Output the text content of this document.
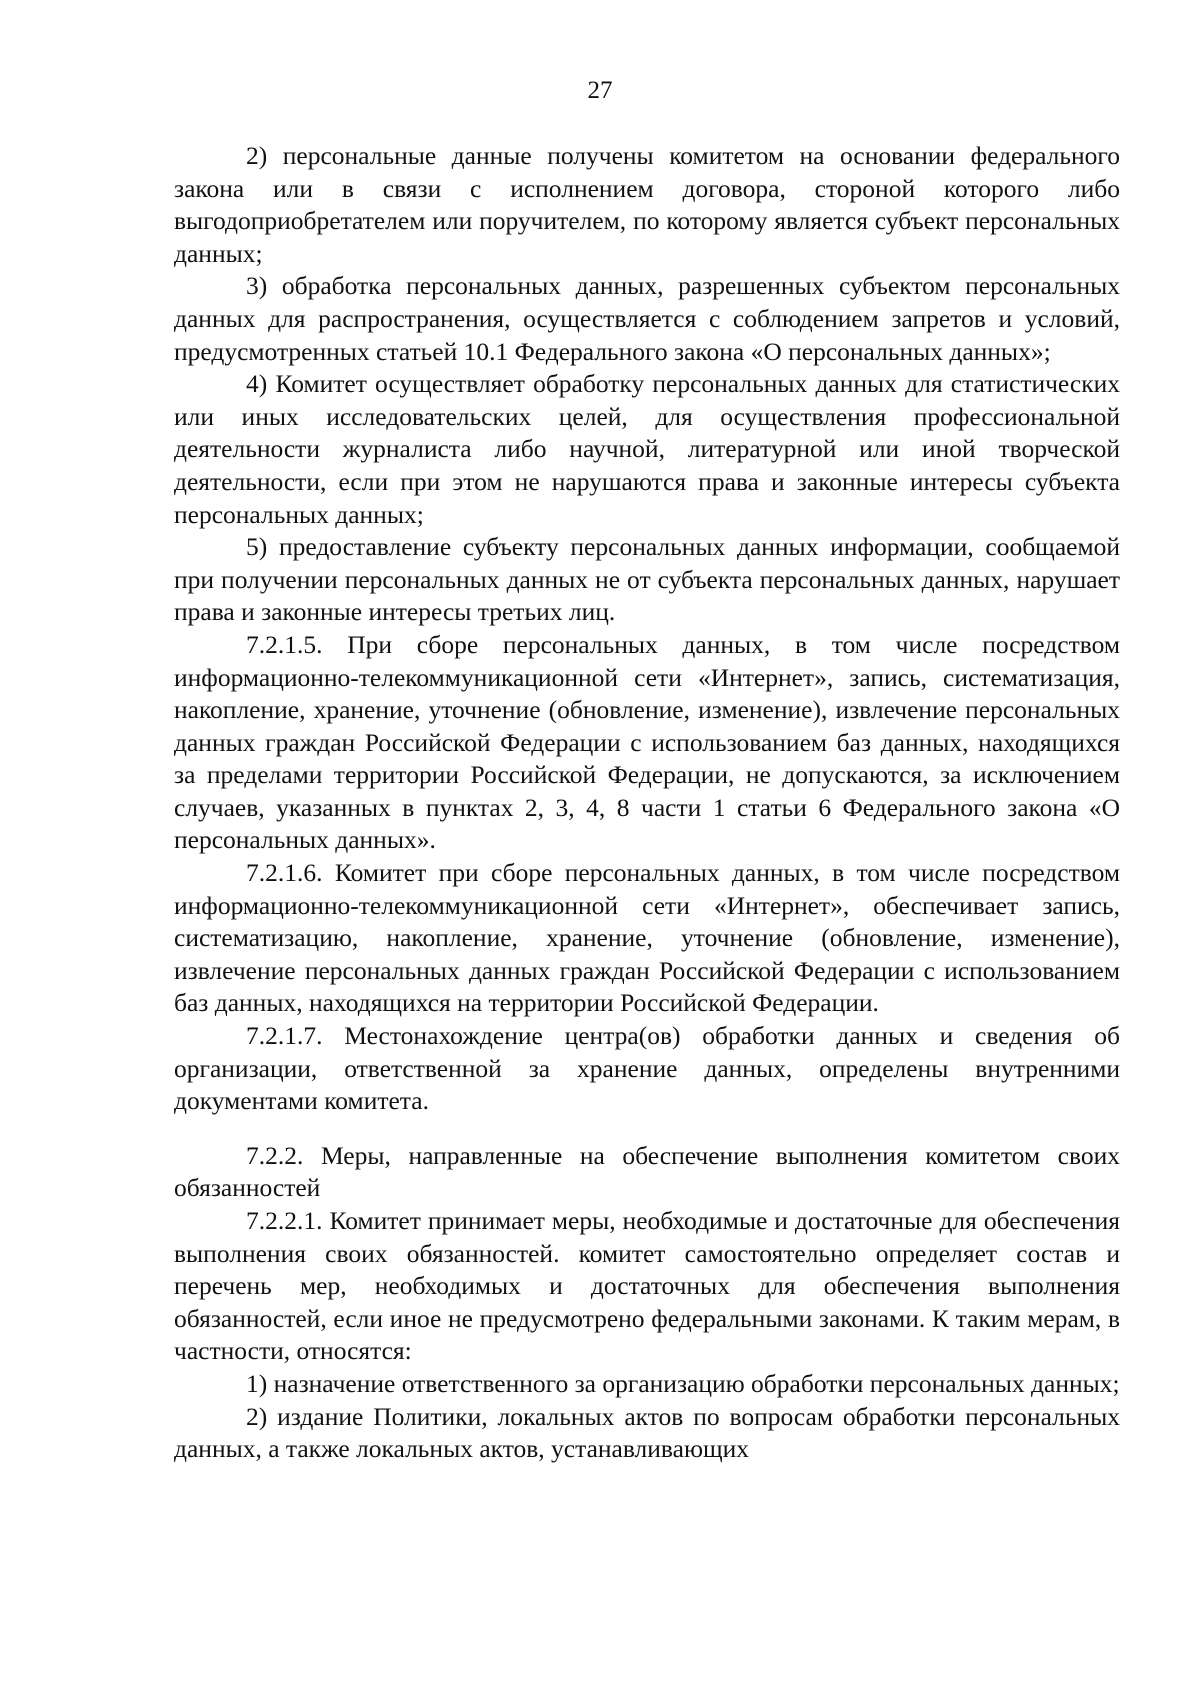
27

2) персональные данные получены комитетом на основании федерального закона или в связи с исполнением договора, стороной которого либо выгодоприобретателем или поручителем, по которому является субъект персональных данных;

3) обработка персональных данных, разрешенных субъектом персональных данных для распространения, осуществляется с соблюдением запретов и условий, предусмотренных статьей 10.1 Федерального закона «О персональных данных»;

4) Комитет осуществляет обработку персональных данных для статистических или иных исследовательских целей, для осуществления профессиональной деятельности журналиста либо научной, литературной или иной творческой деятельности, если при этом не нарушаются права и законные интересы субъекта персональных данных;

5) предоставление субъекту персональных данных информации, сообщаемой при получении персональных данных не от субъекта персональных данных, нарушает права и законные интересы третьих лиц.

7.2.1.5. При сборе персональных данных, в том числе посредством информационно-телекоммуникационной сети «Интернет», запись, систематизация, накопление, хранение, уточнение (обновление, изменение), извлечение персональных данных граждан Российской Федерации с использованием баз данных, находящихся за пределами территории Российской Федерации, не допускаются, за исключением случаев, указанных в пунктах 2, 3, 4, 8 части 1 статьи 6 Федерального закона «О персональных данных».

7.2.1.6. Комитет при сборе персональных данных, в том числе посредством информационно-телекоммуникационной сети «Интернет», обеспечивает запись, систематизацию, накопление, хранение, уточнение (обновление, изменение), извлечение персональных данных граждан Российской Федерации с использованием баз данных, находящихся на территории Российской Федерации.

7.2.1.7. Местонахождение центра(ов) обработки данных и сведения об организации, ответственной за хранение данных, определены внутренними документами комитета.

7.2.2. Меры, направленные на обеспечение выполнения комитетом своих обязанностей

7.2.2.1. Комитет принимает меры, необходимые и достаточные для обеспечения выполнения своих обязанностей. комитет самостоятельно определяет состав и перечень мер, необходимых и достаточных для обеспечения выполнения обязанностей, если иное не предусмотрено федеральными законами. К таким мерам, в частности, относятся:

1) назначение ответственного за организацию обработки персональных данных;

2) издание Политики, локальных актов по вопросам обработки персональных данных, а также локальных актов, устанавливающих
